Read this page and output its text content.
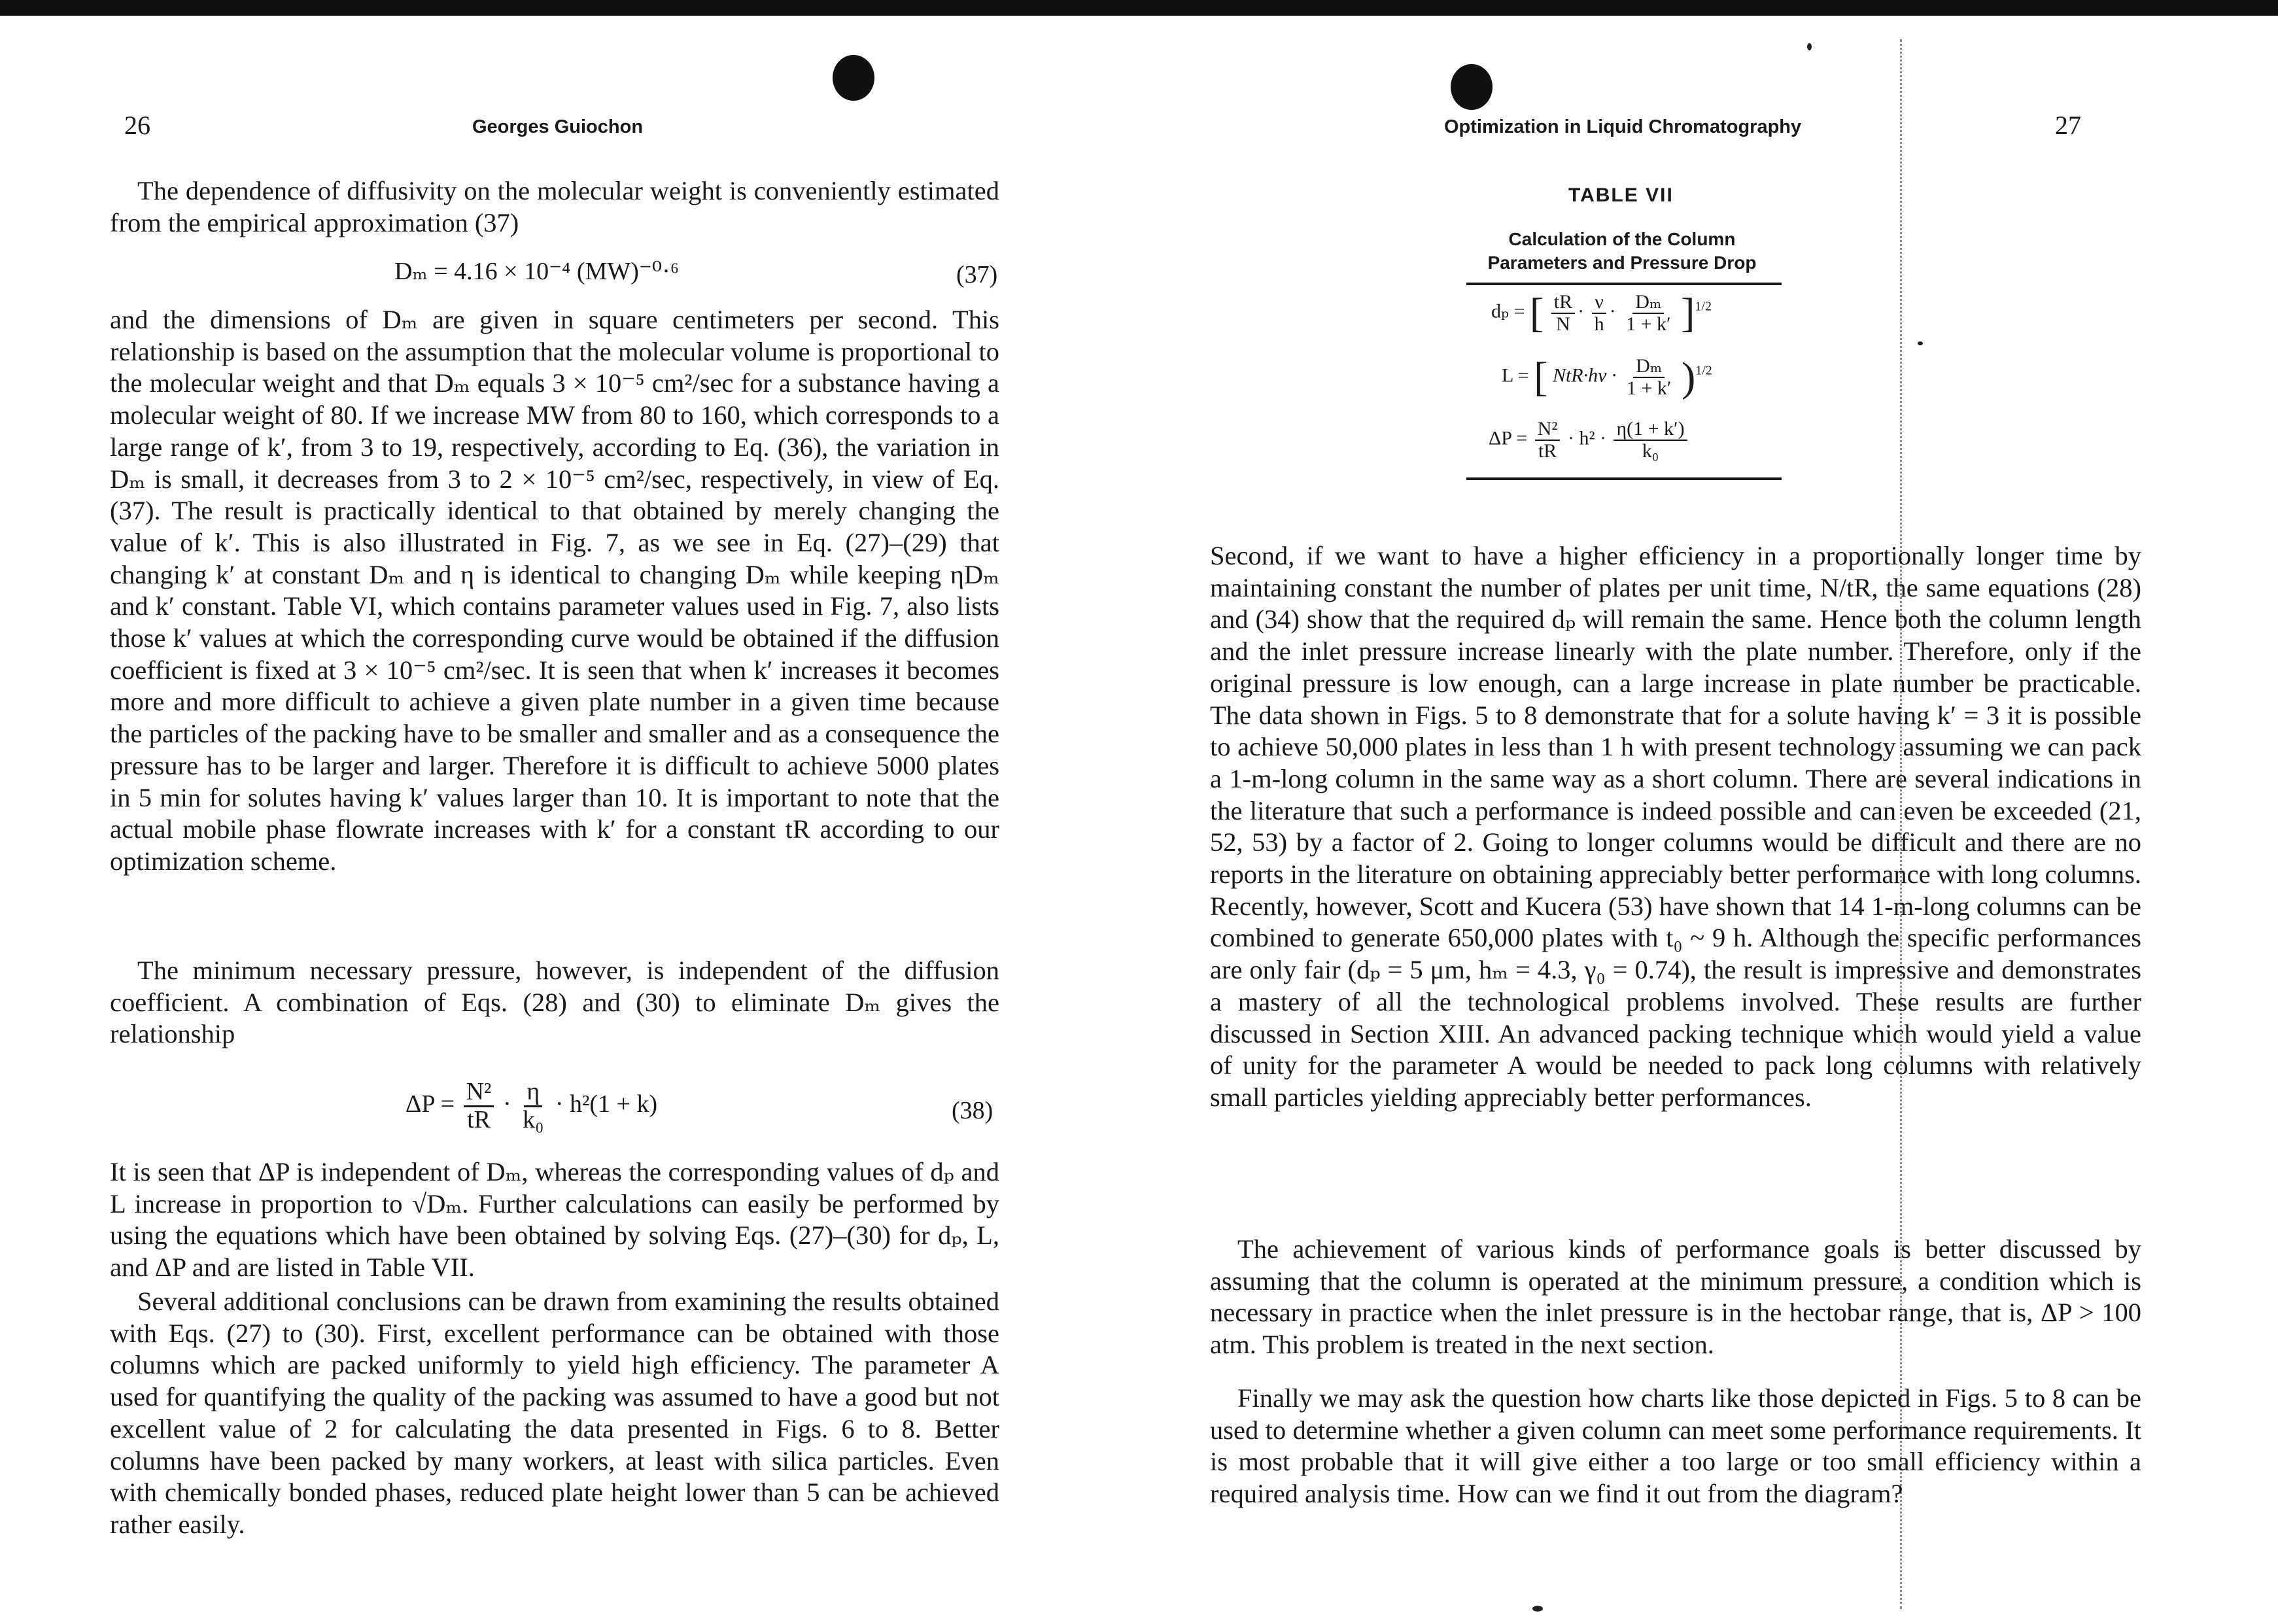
26	Georges Guiochon

The dependence of diffusivity on the molecular weight is conveniently estimated from the empirical approximation (37)

Dₘ = 4.16 × 10⁻⁴ (MW)⁻⁰·⁶	(37)

and the dimensions of Dₘ are given in square centimeters per second. This relationship is based on the assumption that the molecular volume is proportional to the molecular weight and that Dₘ equals 3 × 10⁻⁵ cm²/sec for a substance having a molecular weight of 80. If we increase MW from 80 to 160, which corresponds to a large range of k′, from 3 to 19, respectively, according to Eq. (36), the variation in Dₘ is small, it decreases from 3 to 2 × 10⁻⁵ cm²/sec, respectively, in view of Eq. (37). The result is practically identical to that obtained by merely changing the value of k′. This is also illustrated in Fig. 7, as we see in Eq. (27)–(29) that changing k′ at constant Dₘ and η is identical to changing Dₘ while keeping ηDₘ and k′ constant. Table VI, which contains parameter values used in Fig. 7, also lists those k′ values at which the corresponding curve would be obtained if the diffusion coefficient is fixed at 3 × 10⁻⁵ cm²/sec. It is seen that when k′ increases it becomes more and more difficult to achieve a given plate number in a given time because the particles of the packing have to be smaller and smaller and as a consequence the pressure has to be larger and larger. Therefore it is difficult to achieve 5000 plates in 5 min for solutes having k′ values larger than 10. It is important to note that the actual mobile phase flowrate increases with k′ for a constant tR according to our optimization scheme.

The minimum necessary pressure, however, is independent of the diffusion coefficient. A combination of Eqs. (28) and (30) to eliminate Dₘ gives the relationship

$\Delta P = \frac{\text{N²}}{tR} \cdot \frac{\eta}{\text{k₀}} \cdot h^2(1 + k)$	(38)

It is seen that ΔP is independent of Dₘ, whereas the corresponding values of dₚ and L increase in proportion to √Dₘ. Further calculations can easily be performed by using the equations which have been obtained by solving Eqs. (27)–(30) for dₚ, L, and ΔP and are listed in Table VII.

Several additional conclusions can be drawn from examining the results obtained with Eqs. (27) to (30). First, excellent performance can be obtained with those columns which are packed uniformly to yield high efficiency. The parameter A used for quantifying the quality of the packing was assumed to have a good but not excellent value of 2 for calculating the data presented in Figs. 6 to 8. Better columns have been packed by many workers, at least with silica particles. Even with chemically bonded phases, reduced plate height lower than 5 can be achieved rather easily.

Optimization in Liquid Chromatography	27
TABLE VII
Calculation of the Column
Parameters and Pressure Drop
dₚ = [ $\frac{tR}{N} \cdot \frac{\nu}{h} \cdot \frac{\text{Dₘ}}{1 + k'} ]^{1/2}$
L = [ $NtR\cdot h\nu \cdot \frac{\text{Dₘ}}{1 + k'} )^{1/2}$
$\Delta P = \frac{\text{N²}}{tR} \cdot h^2 \cdot \frac{\eta(1 + k')}{\text{k₀}}$

Second, if we want to have a higher efficiency in a proportionally longer time by maintaining constant the number of plates per unit time, N/tR, the same equations (28) and (34) show that the required dₚ will remain the same. Hence both the column length and the inlet pressure increase linearly with the plate number. Therefore, only if the original pressure is low enough, can a large increase in plate number be practicable. The data shown in Figs. 5 to 8 demonstrate that for a solute having k′ = 3 it is possible to achieve 50,000 plates in less than 1 h with present technology assuming we can pack a 1-m-long column in the same way as a short column. There are several indications in the literature that such a performance is indeed possible and can even be exceeded (21, 52, 53) by a factor of 2. Going to longer columns would be difficult and there are no reports in the literature on obtaining appreciably better performance with long columns. Recently, however, Scott and Kucera (53) have shown that 14 1-m-long columns can be combined to generate 650,000 plates with t₀ ~ 9 h. Although the specific performances are only fair (dₚ = 5 μm, hₘ = 4.3, γ₀ = 0.74), the result is impressive and demonstrates a mastery of all the technological problems involved. These results are further discussed in Section XIII. An advanced packing technique which would yield a value of unity for the parameter A would be needed to pack long columns with relatively small particles yielding appreciably better performances.

The achievement of various kinds of performance goals is better discussed by assuming that the column is operated at the minimum pressure, a condition which is necessary in practice when the inlet pressure is in the hectobar range, that is, ΔP > 100 atm. This problem is treated in the next section.

Finally we may ask the question how charts like those depicted in Figs. 5 to 8 can be used to determine whether a given column can meet some performance requirements. It is most probable that it will give either a too large or too small efficiency within a required analysis time. How can we find it out from the diagram?
